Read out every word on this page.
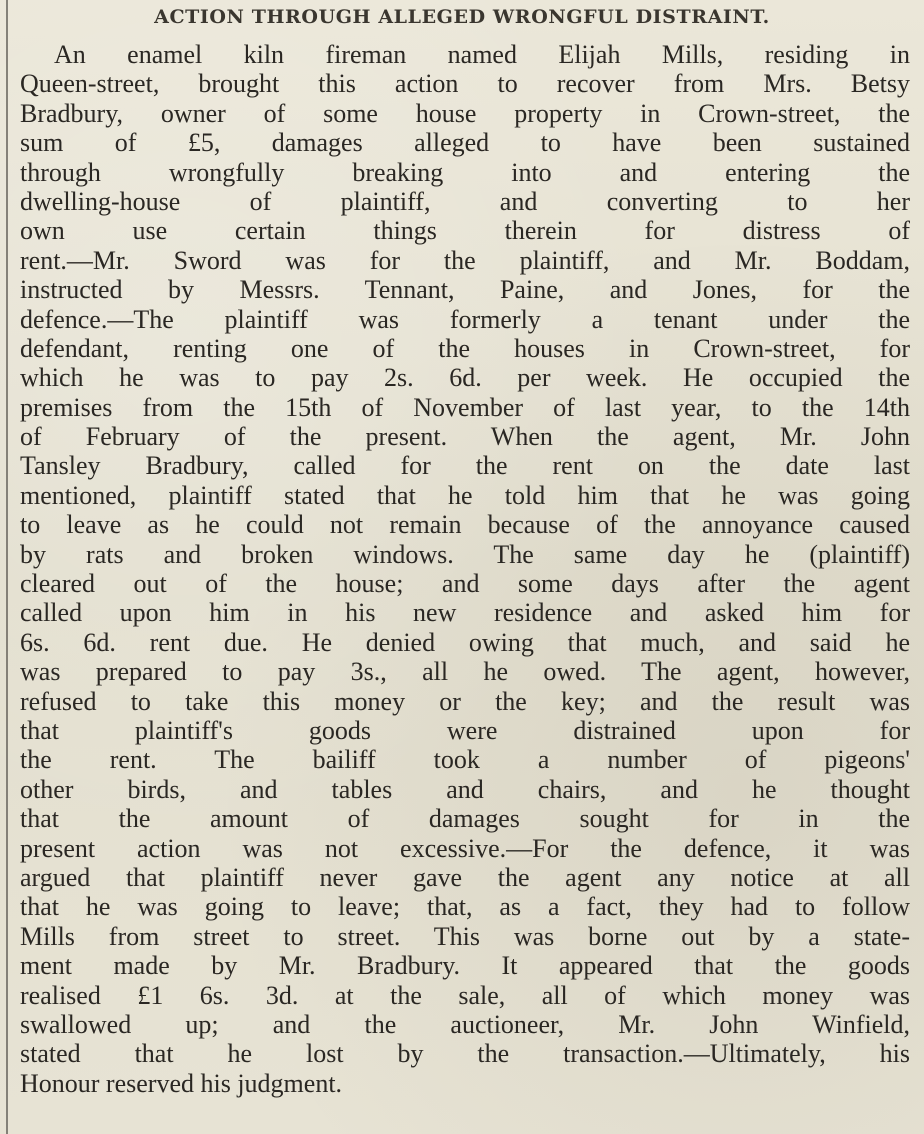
ACTION THROUGH ALLEGED WRONGFUL DISTRAINT.
An enamel kiln fireman named Elijah Mills, residing in
Queen-street, brought this action to recover from Mrs. Betsy
Bradbury, owner of some house property in Crown-street, the
sum of £5, damages alleged to have been sustained
through wrongfully breaking into and entering the
dwelling-house of plaintiff, and converting to her
own use certain things therein for distress of
rent.—Mr. Sword was for the plaintiff, and Mr. Boddam,
instructed by Messrs. Tennant, Paine, and Jones, for the
defence.—The plaintiff was formerly a tenant under the
defendant, renting one of the houses in Crown-street, for
which he was to pay 2s. 6d. per week. He occupied the
premises from the 15th of November of last year, to the 14th
of February of the present. When the agent, Mr. John
Tansley Bradbury, called for the rent on the date last
mentioned, plaintiff stated that he told him that he was going
to leave as he could not remain because of the annoyance caused
by rats and broken windows. The same day he (plaintiff)
cleared out of the house; and some days after the agent
called upon him in his new residence and asked him for
6s. 6d. rent due. He denied owing that much, and said he
was prepared to pay 3s., all he owed. The agent, however,
refused to take this money or the key; and the result was
that plaintiff's goods were distrained upon for
the rent. The bailiff took a number of pigeons'
other birds, and tables and chairs, and he thought
that the amount of damages sought for in the
present action was not excessive.—For the defence, it was
argued that plaintiff never gave the agent any notice at all
that he was going to leave; that, as a fact, they had to follow
Mills from street to street. This was borne out by a state-
ment made by Mr. Bradbury. It appeared that the goods
realised £1 6s. 3d. at the sale, all of which money was
swallowed up; and the auctioneer, Mr. John Winfield,
stated that he lost by the transaction.—Ultimately, his
Honour reserved his judgment.
